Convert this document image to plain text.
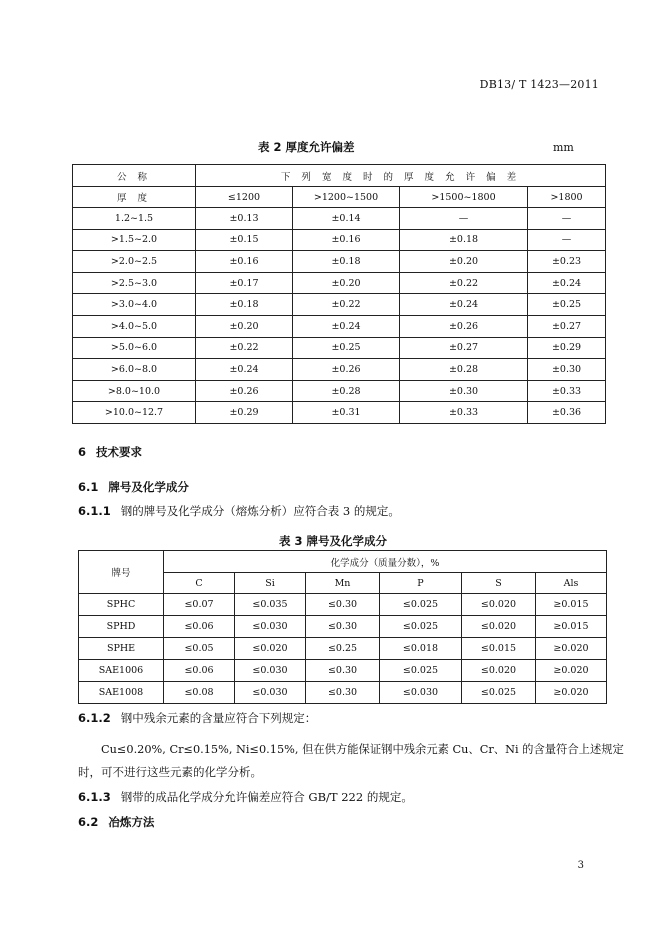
DB13/ T 1423—2011
表 2 厚度允许偏差	mm
公 称	下 列 宽 度 时 的 厚 度 允 许 偏 差			
厚 度	≤1200	>1200~1500	>1500~1800	>1800
1.2~1.5	±0.13	±0.14	—	—
>1.5~2.0	±0.15	±0.16	±0.18	—
>2.0~2.5	±0.16	±0.18	±0.20	±0.23
>2.5~3.0	±0.17	±0.20	±0.22	±0.24
>3.0~4.0	±0.18	±0.22	±0.24	±0.25
>4.0~5.0	±0.20	±0.24	±0.26	±0.27
>5.0~6.0	±0.22	±0.25	±0.27	±0.29
>6.0~8.0	±0.24	±0.26	±0.28	±0.30
>8.0~10.0	±0.26	±0.28	±0.30	±0.33
>10.0~12.7	±0.29	±0.31	±0.33	±0.36
6 技术要求
6.1 牌号及化学成分
6.1.1 钢的牌号及化学成分（熔炼分析）应符合表 3 的规定。
表 3 牌号及化学成分
牌号	化学成分（质量分数），%					
	C	Si	Mn	P	S	Als
SPHC	≤0.07	≤0.035	≤0.30	≤0.025	≤0.020	≥0.015
SPHD	≤0.06	≤0.030	≤0.30	≤0.025	≤0.020	≥0.015
SPHE	≤0.05	≤0.020	≤0.25	≤0.018	≤0.015	≥0.020
SAE1006	≤0.06	≤0.030	≤0.30	≤0.025	≤0.020	≥0.020
SAE1008	≤0.08	≤0.030	≤0.30	≤0.030	≤0.025	≥0.020
6.1.2 钢中残余元素的含量应符合下列规定：
Cu≤0.20%, Cr≤0.15%, Ni≤0.15%, 但在供方能保证钢中残余元素 Cu、Cr、Ni 的含量符合上述规定
时，可不进行这些元素的化学分析。
6.1.3 钢带的成品化学成分允许偏差应符合 GB/T 222 的规定。
6.2 冶炼方法
3
